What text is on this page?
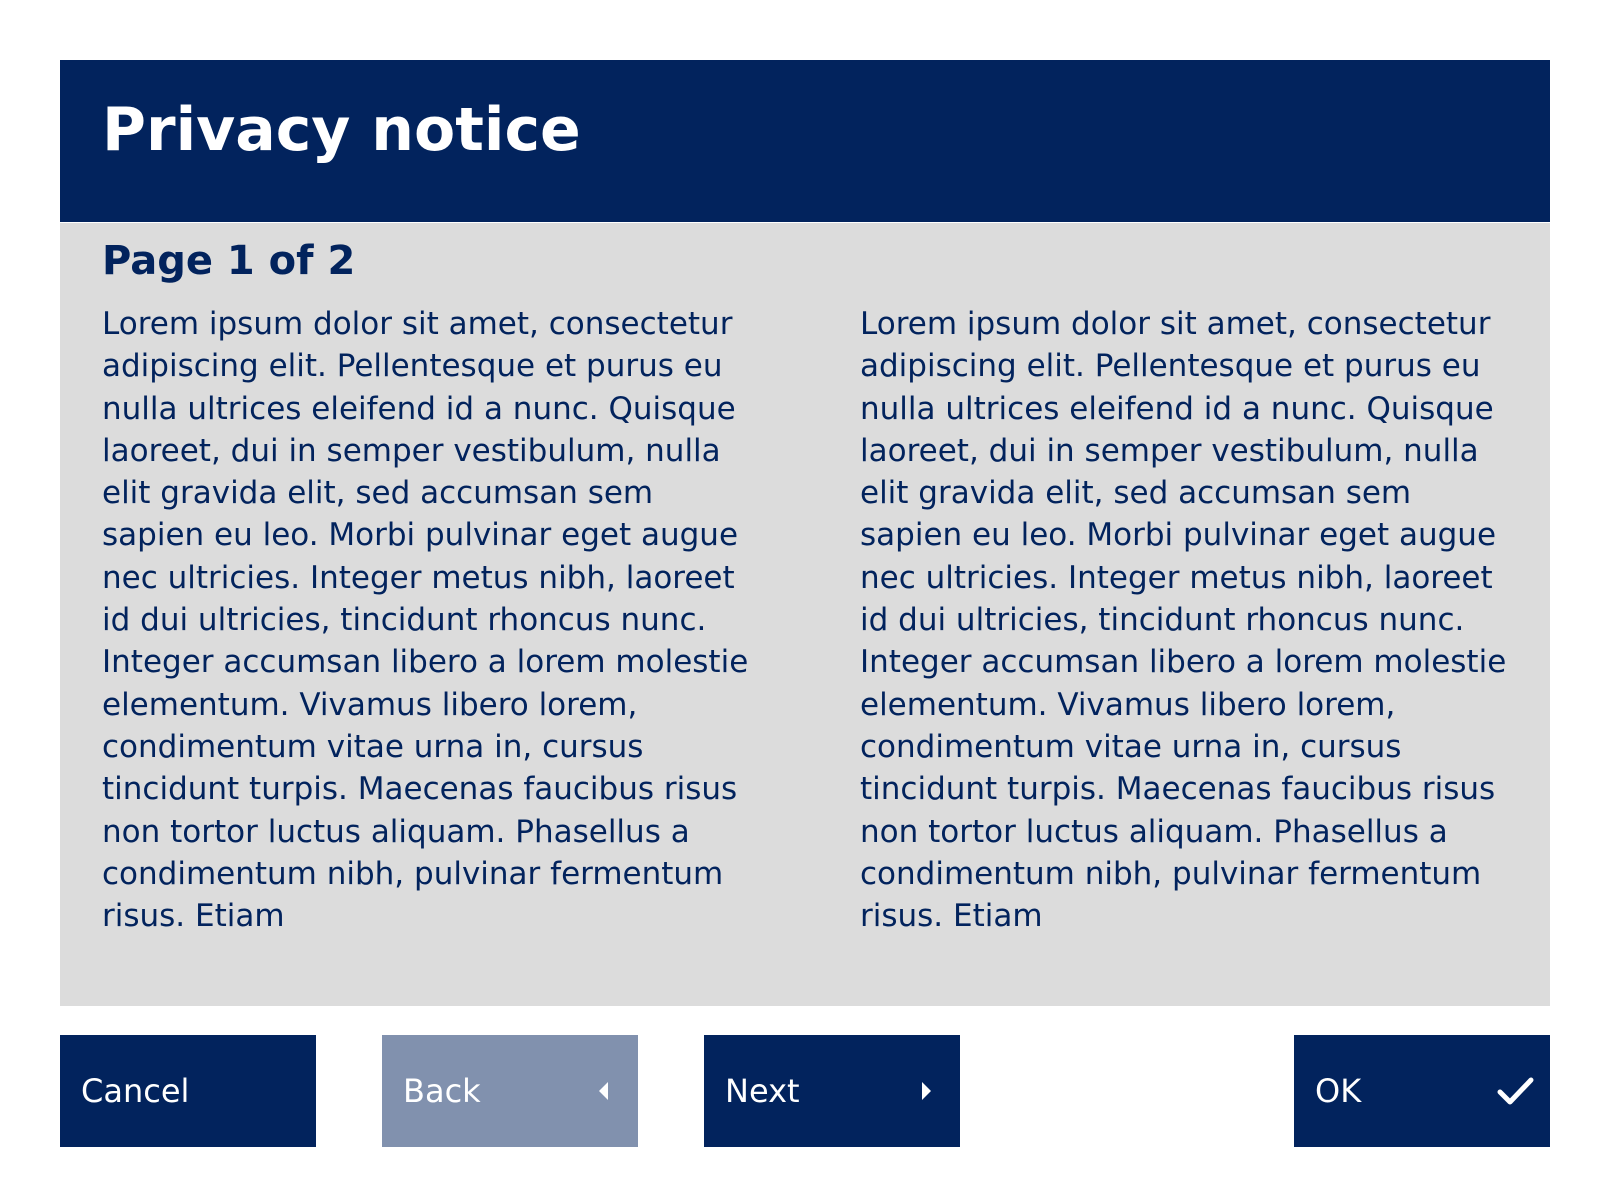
Privacy notice
Page 1 of 2

Lorem ipsum dolor sit amet, consectetur adipiscing elit. Pellentesque et purus eu nulla ultrices eleifend id a nunc. Quisque laoreet, dui in semper vestibulum, nulla elit gravida elit, sed accumsan sem sapien eu leo. Morbi pulvinar eget augue nec ultricies. Integer metus nibh, laoreet id dui ultricies, tincidunt rhoncus nunc. Integer accumsan libero a lorem molestie elementum. Vivamus libero lorem, condimentum vitae urna in, cursus tincidunt turpis. Maecenas faucibus risus non tortor luctus aliquam. Phasellus a condimentum nibh, pulvinar fermentum risus. Etiam

Lorem ipsum dolor sit amet, consectetur adipiscing elit. Pellentesque et purus eu nulla ultrices eleifend id a nunc. Quisque laoreet, dui in semper vestibulum, nulla elit gravida elit, sed accumsan sem sapien eu leo. Morbi pulvinar eget augue nec ultricies. Integer metus nibh, laoreet id dui ultricies, tincidunt rhoncus nunc. Integer accumsan libero a lorem molestie elementum. Vivamus libero lorem, condimentum vitae urna in, cursus tincidunt turpis. Maecenas faucibus risus non tortor luctus aliquam. Phasellus a condimentum nibh, pulvinar fermentum risus. Etiam

Cancel	Back	Next	OK
